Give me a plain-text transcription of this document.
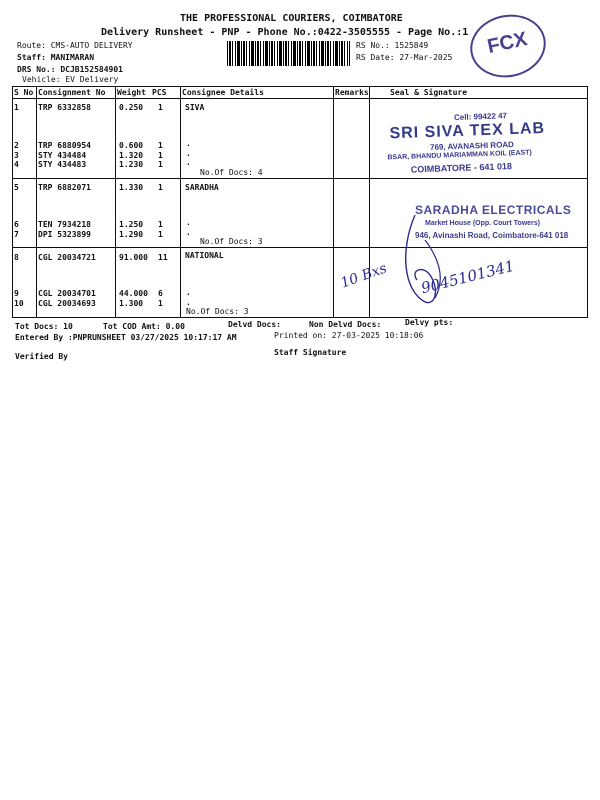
THE PROFESSIONAL COURIERS, COIMBATORE
Delivery Runsheet - PNP - Phone No.:0422-3505555 - Page No.:1
Route: CMS-AUTO DELIVERY
Staff: MANIMARAN
DRS No.: DCJB152584901
Vehicle: EV Delivery
RS No.: 1525849
RS Date: 27-Mar-2025 FCX
S No Consignment No Weight PCS Consignee Details	Remarks	Seal & Signature
1 TRP 6332858	0.250 1	SIVA
2 TRP 6880954	0.600 1	.
3 STY 434484	1.320 1	.
4 STY 434483	1.230 1	.
No.Of Docs: 4
5 TRP 6882071	1.330 1	SARADHA
6 TEN 7934218	1.250 1	.
7 DPI 5323899	1.290 1	.
No.Of Docs: 3
8 CGL 20034721	91.000 11 NATIONAL
9 CGL 20034701	44.000 6	.
10 CGL 20034693	1.300 1	.
No.Of Docs: 3
Cell: 99422 47
SRI SIVA TEX LAB
769, AVANASHI ROAD
BSAR, BHANDU MARIAMMAN KOIL (EAST)
COIMBATORE - 641 018
SARADHA ELECTRICALS
Market House (Opp. Court Towers)
946, Avinashi Road, Coimbatore-641 018
10 Bxs 9045101341
Tot Docs: 10	Tot COD Amt: 0.00	Delvd Docs:	Non Delvd Docs:	Delvy pts:
Entered By :PNPRUNSHEET 03/27/2025 10:17:17 AM	Printed on: 27-03-2025 10:18:06
Verified By	Staff Signature
